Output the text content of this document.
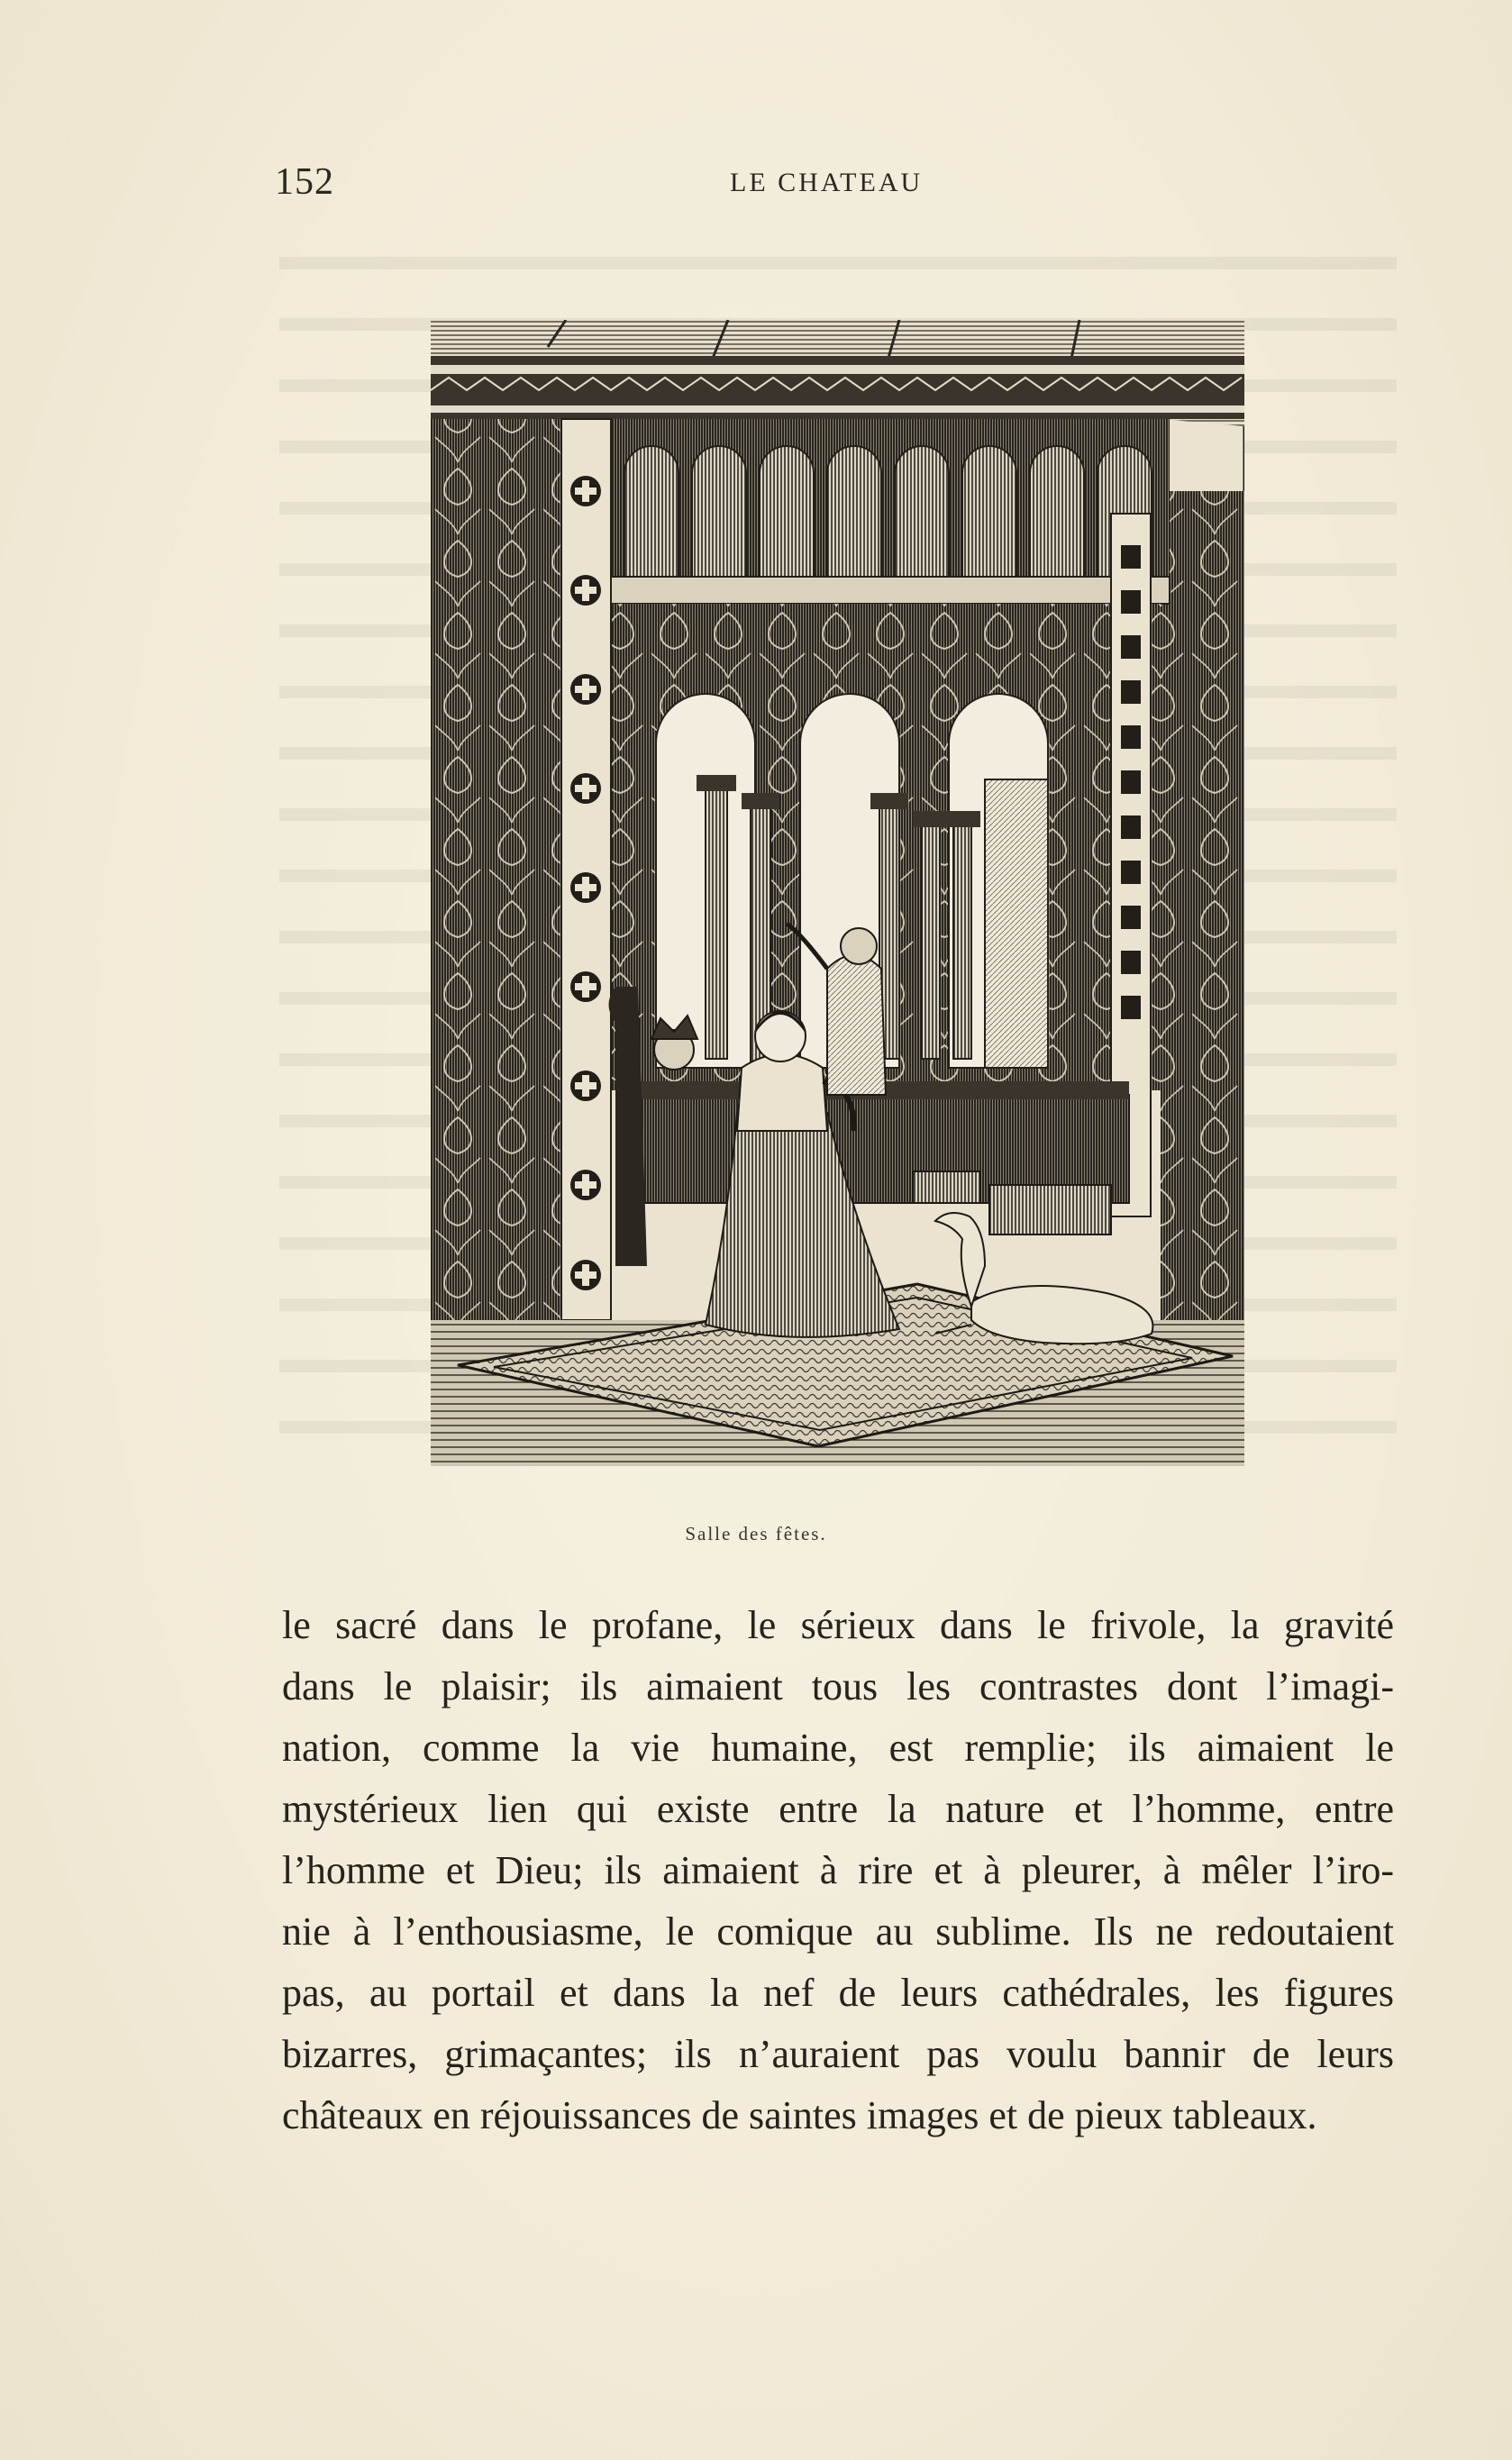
152	LE CHATEAU
Salle des fêtes.
le sacré dans le profane, le sérieux dans le frivole, la gravité
dans le plaisir; ils aimaient tous les contrastes dont l’imagi-
nation, comme la vie humaine, est remplie; ils aimaient le
mystérieux lien qui existe entre la nature et l’homme, entre
l’homme et Dieu; ils aimaient à rire et à pleurer, à mêler l’iro-
nie à l’enthousiasme, le comique au sublime. Ils ne redoutaient
pas, au portail et dans la nef de leurs cathédrales, les figures
bizarres, grimaçantes; ils n’auraient pas voulu bannir de leurs
châteaux en réjouissances de saintes images et de pieux tableaux.
